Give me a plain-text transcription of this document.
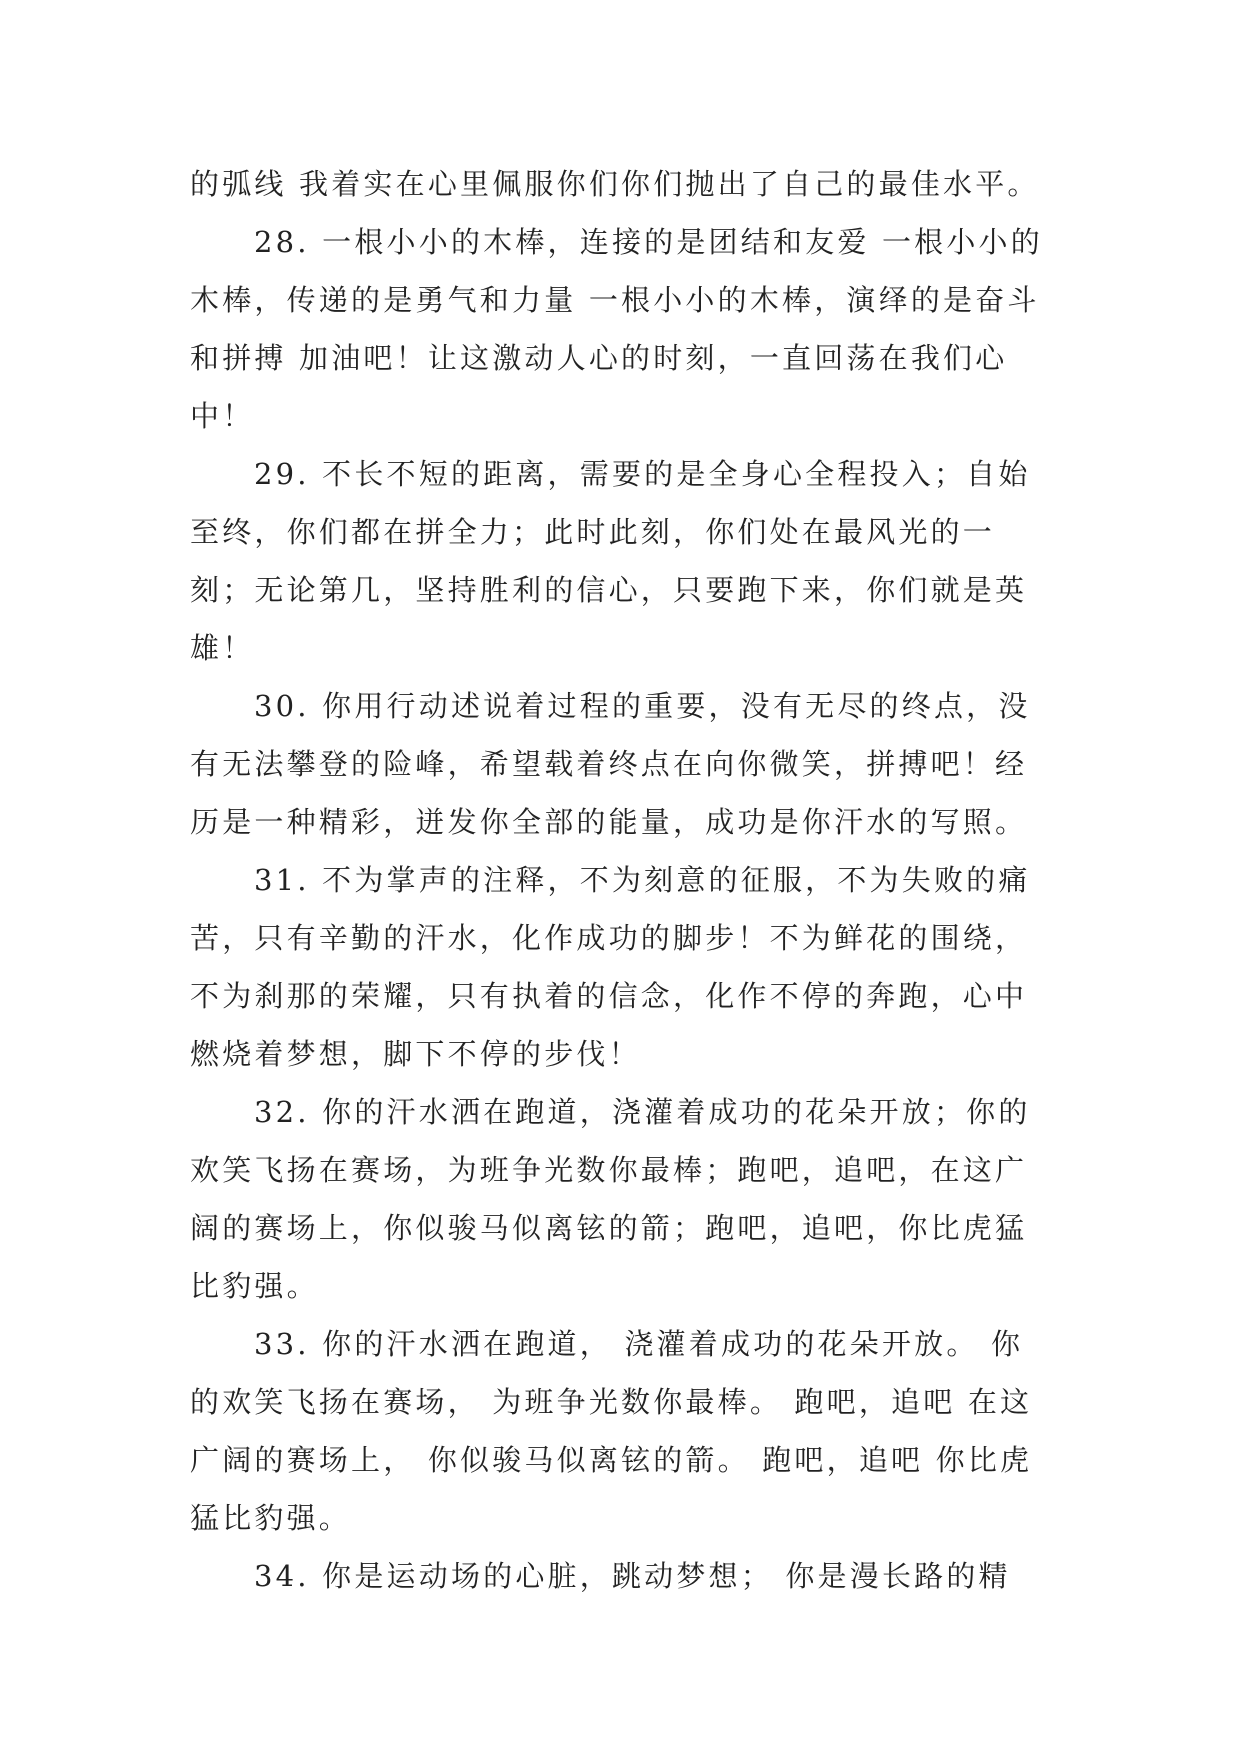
的弧线 我着实在心里佩服你们你们抛出了自己的最佳水平。

28. 一根小小的木棒，连接的是团结和友爱 一根小小的木棒，传递的是勇气和力量 一根小小的木棒，演绎的是奋斗和拼搏 加油吧！让这激动人心的时刻，一直回荡在我们心中！

29. 不长不短的距离，需要的是全身心全程投入；自始至终，你们都在拼全力；此时此刻，你们处在最风光的一刻；无论第几，坚持胜利的信心，只要跑下来，你们就是英雄！

30. 你用行动述说着过程的重要，没有无尽的终点，没有无法攀登的险峰，希望载着终点在向你微笑，拼搏吧！经历是一种精彩，迸发你全部的能量，成功是你汗水的写照。

31. 不为掌声的注释，不为刻意的征服，不为失败的痛苦，只有辛勤的汗水，化作成功的脚步！不为鲜花的围绕，不为刹那的荣耀，只有执着的信念，化作不停的奔跑，心中燃烧着梦想，脚下不停的步伐！

32. 你的汗水洒在跑道，浇灌着成功的花朵开放；你的欢笑飞扬在赛场，为班争光数你最棒；跑吧，追吧，在这广阔的赛场上，你似骏马似离铉的箭；跑吧，追吧，你比虎猛比豹强。

33. 你的汗水洒在跑道， 浇灌着成功的花朵开放。 你的欢笑飞扬在赛场， 为班争光数你最棒。 跑吧，追吧 在这广阔的赛场上， 你似骏马似离铉的箭。 跑吧，追吧 你比虎猛比豹强。

34. 你是运动场的心脏，跳动梦想； 你是漫长路的精
